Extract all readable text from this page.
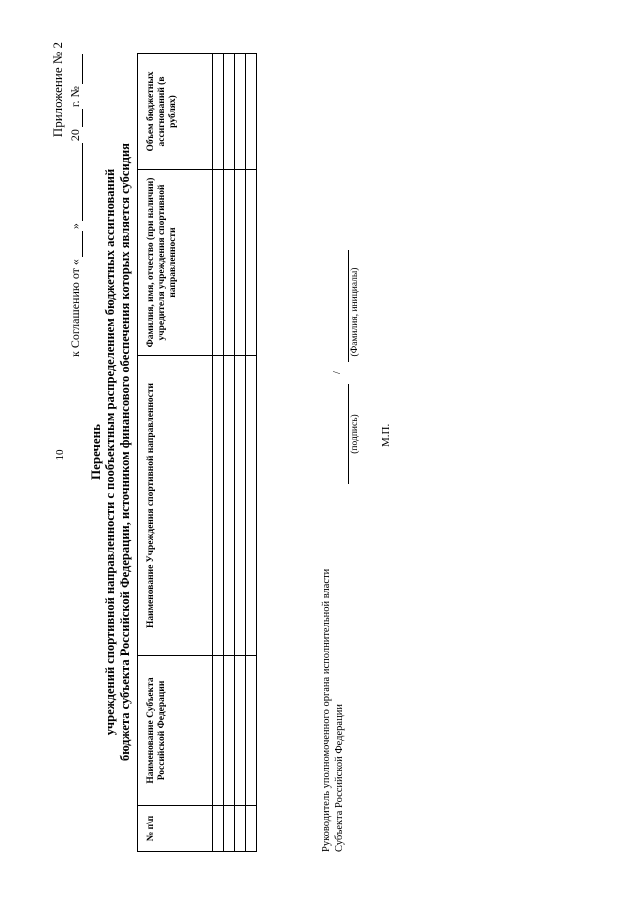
10
Приложение № 2
к Соглашению от «
»
20
г. №
Перечень учреждений спортивной направленности с пообъектным распределением бюджетных ассигнований бюджета субъекта Российской Федерации, источником финансового обеспечения которых является субсидия
№ п\п	Наименование Субъекта Российской Федерации	Наименование Учреждения спортивной направленности	Фамилия, имя, отчество (при наличии) учредителя учреждения спортивной направленности	Объем бюджетных ассигнований (в рублях)

Руководитель уполномоченного органа исполнительной власти Субъекта Российской Федерации
/
(подпись)
(Фамилия, инициалы)
М.П.
